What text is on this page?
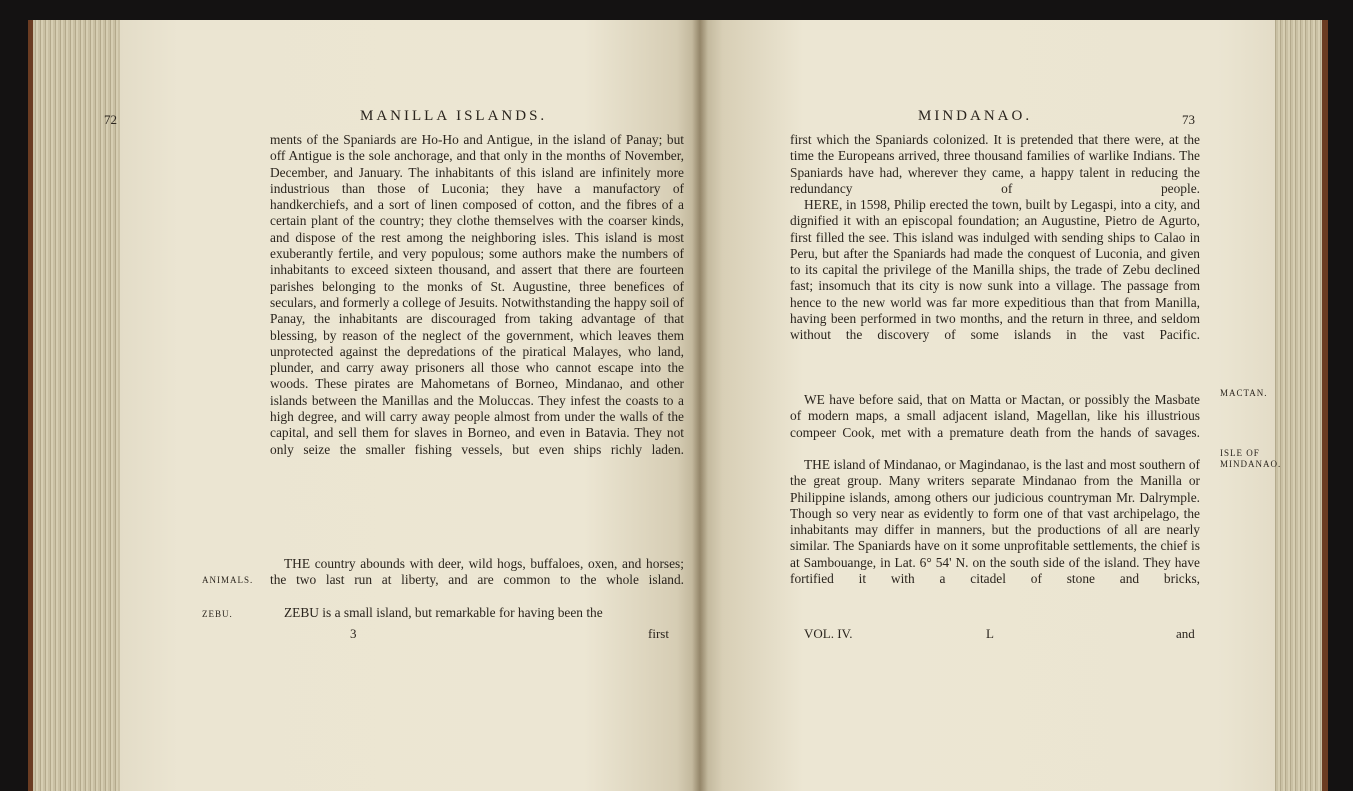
72	MANILLA ISLANDS.

ments of the Spaniards are Ho-Ho and Antigue, in the island of Panay; but off Antigue is the sole anchorage, and that only in the months of November, December, and January. The inhabitants of this island are infinitely more industrious than those of Luconia; they have a manufactory of handkerchiefs, and a sort of linen composed of cotton, and the fibres of a certain plant of the country; they clothe themselves with the coarser kinds, and dispose of the rest among the neighboring isles. This island is most exuberantly fertile, and very populous; some authors make the numbers of inhabitants to exceed sixteen thousand, and assert that there are fourteen parishes belonging to the monks of St. Augustine, three benefices of seculars, and formerly a college of Jesuits. Notwithstanding the happy soil of Panay, the inhabitants are discouraged from taking advantage of that blessing, by reason of the neglect of the government, which leaves them unprotected against the depredations of the piratical Malayes, who land, plunder, and carry away prisoners all those who cannot escape into the woods. These pirates are Mahometans of Borneo, Mindanao, and other islands between the Manillas and the Moluccas. They infest the coasts to a high degree, and will carry away people almost from under the walls of the capital, and sell them for slaves in Borneo, and even in Batavia. They not only seize the smaller fishing vessels, but even ships richly laden.

THE country abounds with deer, wild hogs, buffaloes, oxen, and horses; the two last run at liberty, and are common to the whole island.

ZEBU is a small island, but remarkable for having been the

ANIMALS.
ZEBU.
3	first
MINDANAO.	73

first which the Spaniards colonized. It is pretended that there were, at the time the Europeans arrived, three thousand families of warlike Indians. The Spaniards have had, wherever they came, a happy talent in reducing the redundancy of people.

HERE, in 1598, Philip erected the town, built by Legaspi, into a city, and dignified it with an episcopal foundation; an Augustine, Pietro de Agurto, first filled the see. This island was indulged with sending ships to Calao in Peru, but after the Spaniards had made the conquest of Luconia, and given to its capital the privilege of the Manilla ships, the trade of Zebu declined fast; insomuch that its city is now sunk into a village. The passage from hence to the new world was far more expeditious than that from Manilla, having been performed in two months, and the return in three, and seldom without the discovery of some islands in the vast Pacific.

WE have before said, that on Matta or Mactan, or possibly the Masbate of modern maps, a small adjacent island, Magellan, like his illustrious compeer Cook, met with a premature death from the hands of savages.

THE island of Mindanao, or Magindanao, is the last and most southern of the great group. Many writers separate Mindanao from the Manilla or Philippine islands, among others our judicious countryman Mr. Dalrymple. Though so very near as evidently to form one of that vast archipelago, the inhabitants may differ in manners, but the productions of all are nearly similar. The Spaniards have on it some unprofitable settlements, the chief is at Sambouange, in Lat. 6° 54' N. on the south side of the island. They have fortified it with a citadel of stone and bricks,

MACTAN.
ISLE OF MINDANAO.
VOL. IV.	L	and
